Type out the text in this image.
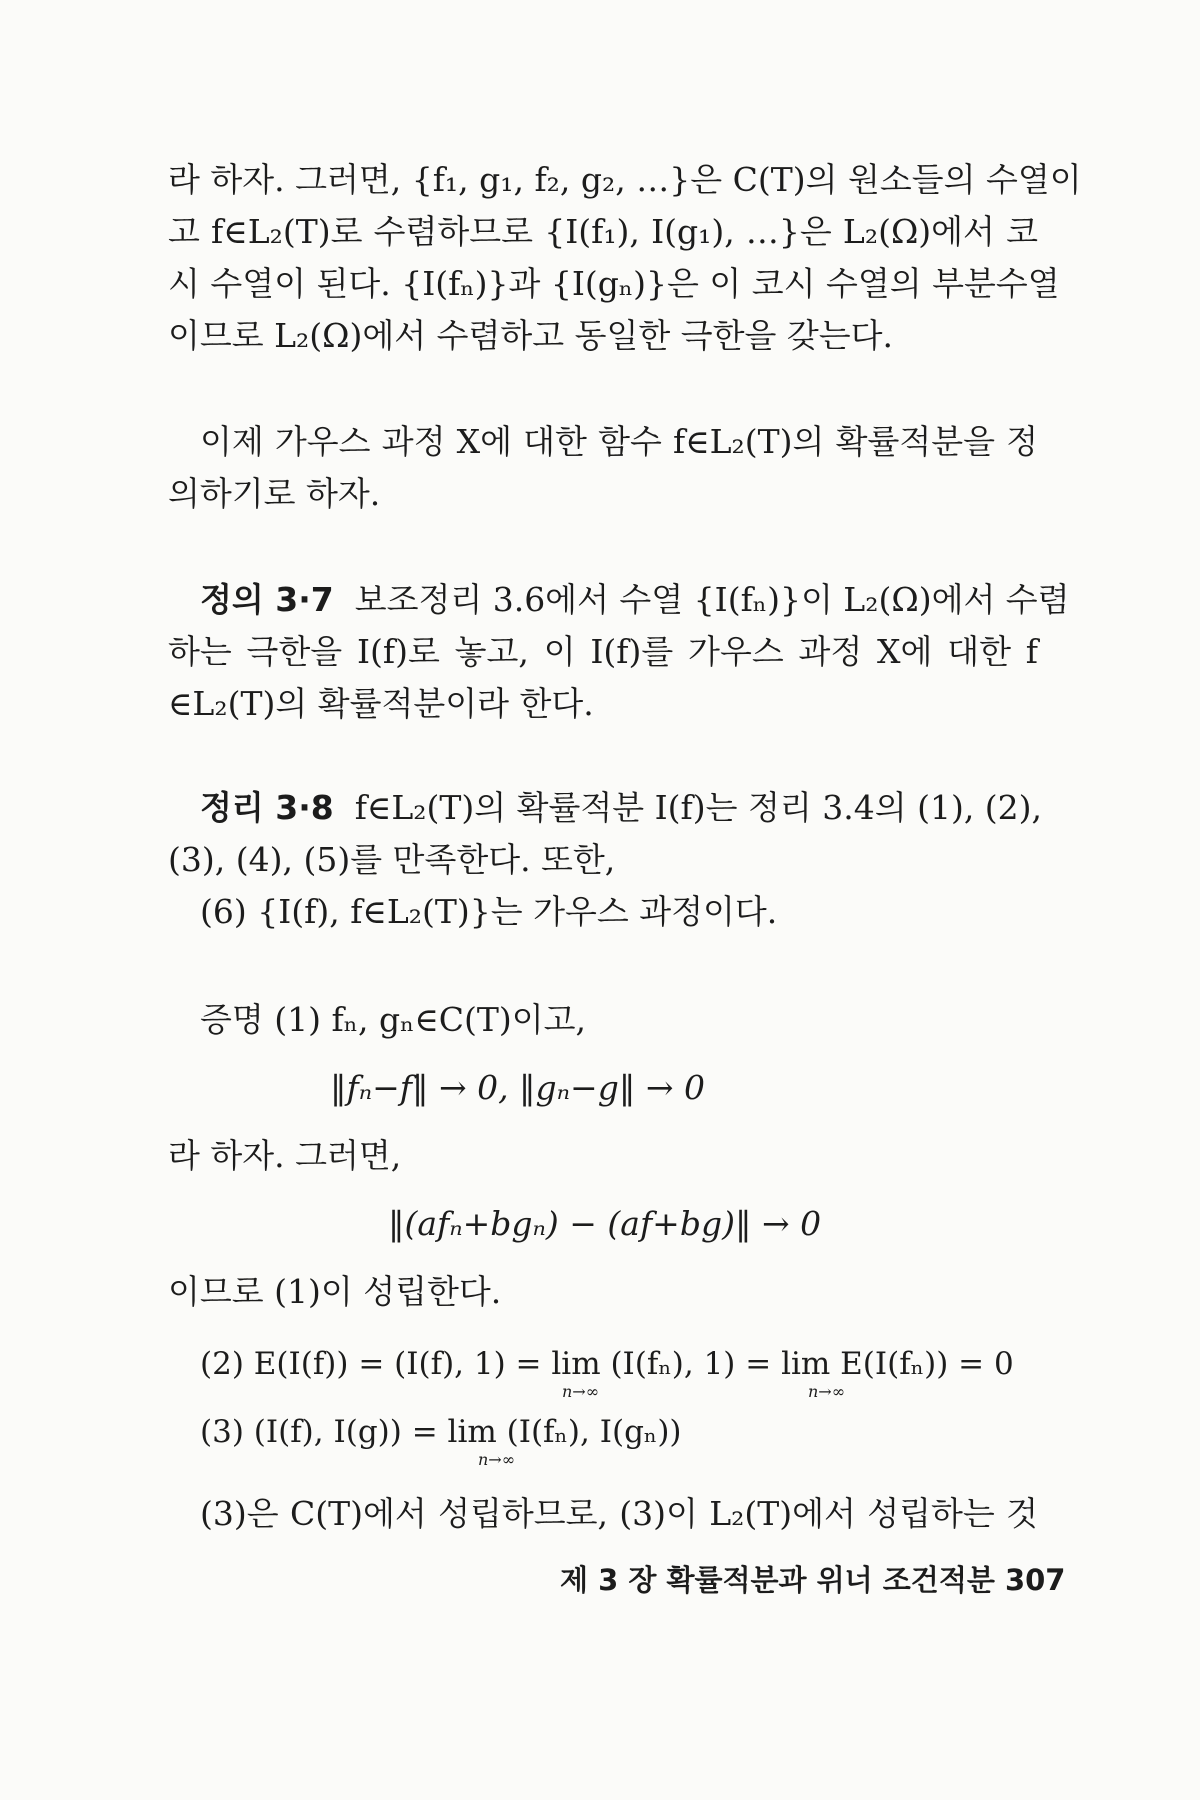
라 하자. 그러면, {f₁, g₁, f₂, g₂, …}은 C(T)의 원소들의 수열이
고 f∈L₂(T)로 수렴하므로 {I(f₁), I(g₁), …}은 L₂(Ω)에서 코
시 수열이 된다. {I(fₙ)}과 {I(gₙ)}은 이 코시 수열의 부분수열
이므로 L₂(Ω)에서 수렴하고 동일한 극한을 갖는다.
이제 가우스 과정 X에 대한 함수 f∈L₂(T)의 확률적분을 정
의하기로 하자.
정의 3·7 보조정리 3.6에서 수열 {I(fₙ)}이 L₂(Ω)에서 수렴
하는 극한을 I(f)로 놓고, 이 I(f)를 가우스 과정 X에 대한 f
∈L₂(T)의 확률적분이라 한다.
정리 3·8 f∈L₂(T)의 확률적분 I(f)는 정리 3.4의 (1), (2),
(3), (4), (5)를 만족한다. 또한,
(6) {I(f), f∈L₂(T)}는 가우스 과정이다.
증명 (1) fₙ, gₙ∈C(T)이고,
‖fₙ−f‖ → 0, ‖gₙ−g‖ → 0
라 하자. 그러면,
‖(afₙ+bgₙ) − (af+bg)‖ → 0
이므로 (1)이 성립한다.
(2) E(I(f)) = (I(f), 1) = lim (I(fₙ), 1) = lim E(I(fₙ)) = 0
n→∞	n→∞
(3) (I(f), I(g)) = lim (I(fₙ), I(gₙ))
n→∞
(3)은 C(T)에서 성립하므로, (3)이 L₂(T)에서 성립하는 것
제 3 장 확률적분과 위너 조건적분 307
